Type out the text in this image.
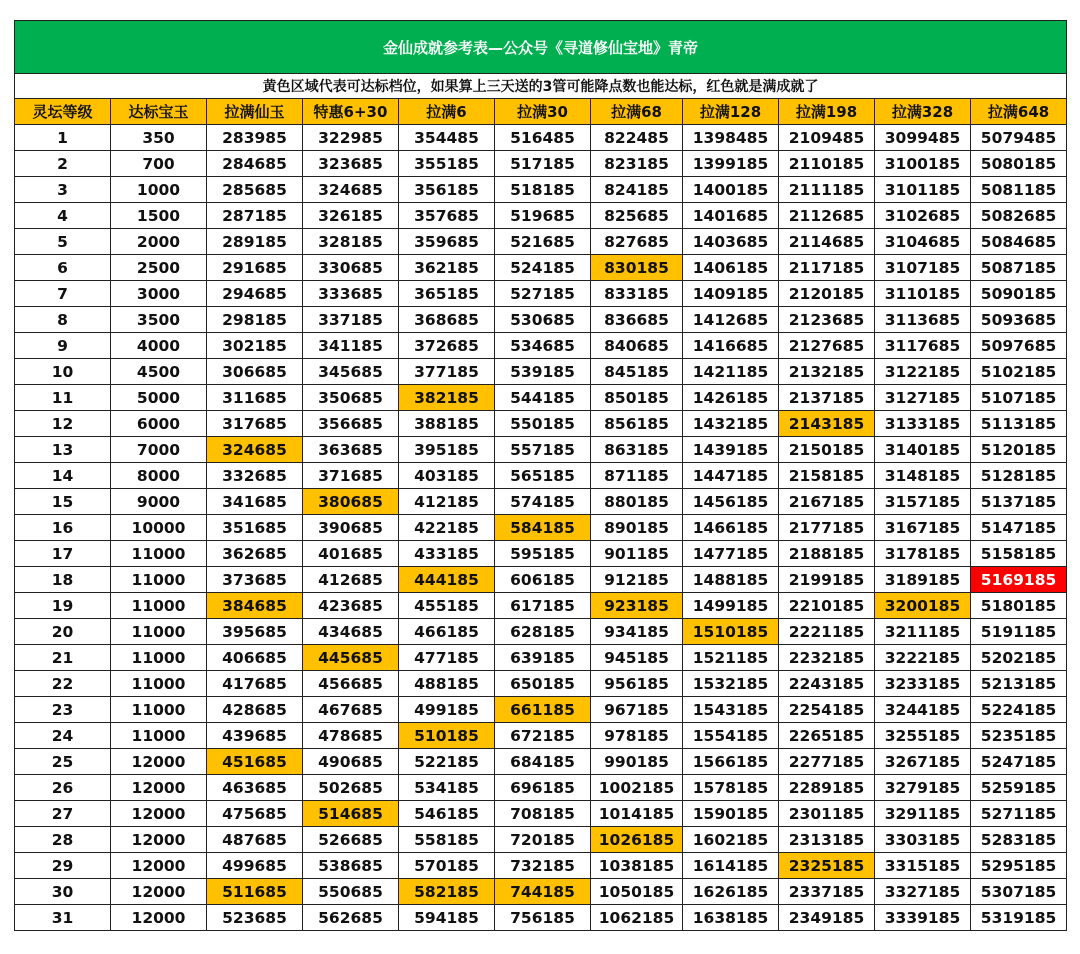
金仙成就参考表—公众号《寻道修仙宝地》青帝										
黄色区域代表可达标档位，如果算上三天送的3管可能降点数也能达标，红色就是满成就了										
灵坛等级	达标宝玉	拉满仙玉	特惠6+30	拉满6	拉满30	拉满68	拉满128	拉满198	拉满328	拉满648
1	350	283985	322985	354485	516485	822485	1398485	2109485	3099485	5079485
2	700	284685	323685	355185	517185	823185	1399185	2110185	3100185	5080185
3	1000	285685	324685	356185	518185	824185	1400185	2111185	3101185	5081185
4	1500	287185	326185	357685	519685	825685	1401685	2112685	3102685	5082685
5	2000	289185	328185	359685	521685	827685	1403685	2114685	3104685	5084685
6	2500	291685	330685	362185	524185	830185	1406185	2117185	3107185	5087185
7	3000	294685	333685	365185	527185	833185	1409185	2120185	3110185	5090185
8	3500	298185	337185	368685	530685	836685	1412685	2123685	3113685	5093685
9	4000	302185	341185	372685	534685	840685	1416685	2127685	3117685	5097685
10	4500	306685	345685	377185	539185	845185	1421185	2132185	3122185	5102185
11	5000	311685	350685	382185	544185	850185	1426185	2137185	3127185	5107185
12	6000	317685	356685	388185	550185	856185	1432185	2143185	3133185	5113185
13	7000	324685	363685	395185	557185	863185	1439185	2150185	3140185	5120185
14	8000	332685	371685	403185	565185	871185	1447185	2158185	3148185	5128185
15	9000	341685	380685	412185	574185	880185	1456185	2167185	3157185	5137185
16	10000	351685	390685	422185	584185	890185	1466185	2177185	3167185	5147185
17	11000	362685	401685	433185	595185	901185	1477185	2188185	3178185	5158185
18	11000	373685	412685	444185	606185	912185	1488185	2199185	3189185	5169185
19	11000	384685	423685	455185	617185	923185	1499185	2210185	3200185	5180185
20	11000	395685	434685	466185	628185	934185	1510185	2221185	3211185	5191185
21	11000	406685	445685	477185	639185	945185	1521185	2232185	3222185	5202185
22	11000	417685	456685	488185	650185	956185	1532185	2243185	3233185	5213185
23	11000	428685	467685	499185	661185	967185	1543185	2254185	3244185	5224185
24	11000	439685	478685	510185	672185	978185	1554185	2265185	3255185	5235185
25	12000	451685	490685	522185	684185	990185	1566185	2277185	3267185	5247185
26	12000	463685	502685	534185	696185	1002185	1578185	2289185	3279185	5259185
27	12000	475685	514685	546185	708185	1014185	1590185	2301185	3291185	5271185
28	12000	487685	526685	558185	720185	1026185	1602185	2313185	3303185	5283185
29	12000	499685	538685	570185	732185	1038185	1614185	2325185	3315185	5295185
30	12000	511685	550685	582185	744185	1050185	1626185	2337185	3327185	5307185
31	12000	523685	562685	594185	756185	1062185	1638185	2349185	3339185	5319185
